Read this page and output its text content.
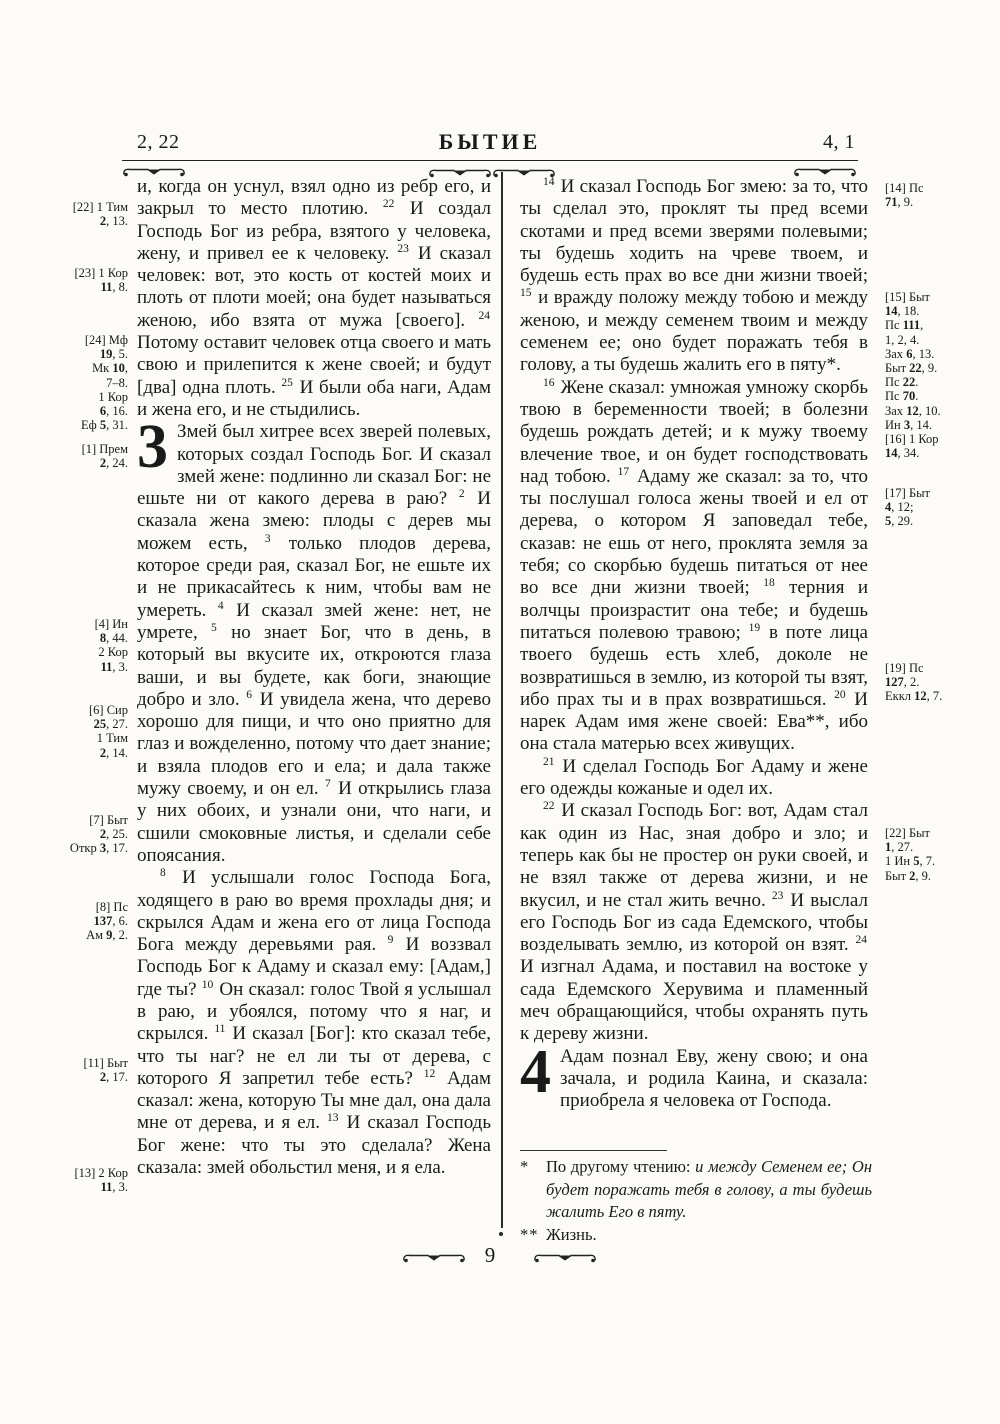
2, 22	БЫТИЕ	4, 1
[22] 1 Тим
2, 13.
[23] 1 Кор
11, 8.
[24] Мф
19, 5.
Мк 10,
7–8.
1 Кор
6, 16.
Еф 5, 31.
[1] Прем
2, 24.
[4] Ин
8, 44.
2 Кор
11, 3.
[6] Сир
25, 27.
1 Тим
2, 14.
[7] Быт
2, 25.
Откр 3, 17.
[8] Пс
137, 6.
Ам 9, 2.
[11] Быт
2, 17.
[13] 2 Кор
11, 3.
[14] Пс
71, 9.
[15] Быт
14, 18.
Пс 111,
1, 2, 4.
Зах 6, 13.
Быт 22, 9.
Пс 22.
Пс 70.
Зах 12, 10.
Ин 3, 14.
[16] 1 Кор
14, 34.
[17] Быт
4, 12;
5, 29.
[19] Пс
127, 2.
Еккл 12, 7.
[22] Быт
1, 27.
1 Ин 5, 7.
Быт 2, 9.

и, когда он уснул, взял одно из ребр его, и закрыл то место плотию. $^{22}$ И создал Господь Бог из ребра, взятого у человека, жену, и привел ее к человеку. $^{23}$ И сказал человек: вот, это кость от костей моих и плоть от плоти моей; она будет называться женою, ибо взята от мужа [своего]. $^{24}$ Потому оставит человек отца своего и мать свою и прилепится к жене своей; и будут [два] одна плоть. $^{25}$ И были оба наги, Адам и жена его, и не стыдились.

3 Змей был хитрее всех зверей полевых, которых создал Господь Бог. И сказал змей жене: подлинно ли сказал Бог: не ешьте ни от какого дерева в раю? $^2$ И сказала жена змею: плоды с дерев мы можем есть, $^3$ только плодов дерева, которое среди рая, сказал Бог, не ешьте их и не прикасайтесь к ним, чтобы вам не умереть. $^4$ И сказал змей жене: нет, не умрете, $^5$ но знает Бог, что в день, в который вы вкусите их, откроются глаза ваши, и вы будете, как боги, знающие добро и зло. $^6$ И увидела жена, что дерево хорошо для пищи, и что оно приятно для глаз и вожделенно, потому что дает знание; и взяла плодов его и ела; и дала также мужу своему, и он ел. $^7$ И открылись глаза у них обоих, и узнали они, что наги, и сшили смоковные листья, и сделали себе опоясания.

$^8$ И услышали голос Господа Бога, ходящего в раю во время прохлады дня; и скрылся Адам и жена его от лица Господа Бога между деревьями рая. $^9$ И воззвал Господь Бог к Адаму и сказал ему: [Адам,] где ты? $^{10}$ Он сказал: голос Твой я услышал в раю, и убоялся, потому что я наг, и скрылся. $^{11}$ И сказал [Бог]: кто сказал тебе, что ты наг? не ел ли ты от дерева, с которого Я запретил тебе есть? $^{12}$ Адам сказал: жена, которую Ты мне дал, она дала мне от дерева, и я ел. $^{13}$ И сказал Господь Бог жене: что ты это сделала? Жена сказала: змей обольстил меня, и я ела.

$^{14}$ И сказал Господь Бог змею: за то, что ты сделал это, проклят ты пред всеми скотами и пред всеми зверями полевыми; ты будешь ходить на чреве твоем, и будешь есть прах во все дни жизни твоей; $^{15}$ и вражду положу между тобою и между женою, и между семенем твоим и между семенем ее; оно будет поражать тебя в голову, а ты будешь жалить его в пяту*.

$^{16}$ Жене сказал: умножая умножу скорбь твою в беременности твоей; в болезни будешь рождать детей; и к мужу твоему влечение твое, и он будет господствовать над тобою. $^{17}$ Адаму же сказал: за то, что ты послушал голоса жены твоей и ел от дерева, о котором Я заповедал тебе, сказав: не ешь от него, проклята земля за тебя; со скорбью будешь питаться от нее во все дни жизни твоей; $^{18}$ терния и волчцы произрастит она тебе; и будешь питаться полевою травою; $^{19}$ в поте лица твоего будешь есть хлеб, доколе не возвратишься в землю, из которой ты взят, ибо прах ты и в прах возвратишься. $^{20}$ И нарек Адам имя жене своей: Ева**, ибо она стала матерью всех живущих.

$^{21}$ И сделал Господь Бог Адаму и жене его одежды кожаные и одел их.

$^{22}$ И сказал Господь Бог: вот, Адам стал как один из Нас, зная добро и зло; и теперь как бы не простер он руки своей, и не взял также от дерева жизни, и не вкусил, и не стал жить вечно. $^{23}$ И выслал его Господь Бог из сада Едемского, чтобы возделывать землю, из которой он взят. $^{24}$ И изгнал Адама, и поставил на востоке у сада Едемского Херувима и пламенный меч обращающийся, чтобы охранять путь к дереву жизни.

4 Адам познал Еву, жену свою; и она зачала, и родила Каина, и сказала: приобрела я человека от Господа.

* По другому чтению: и между Семенем ее; Он будет поражать тебя в голову, а ты будешь жалить Его в пяту.
** Жизнь.
9
